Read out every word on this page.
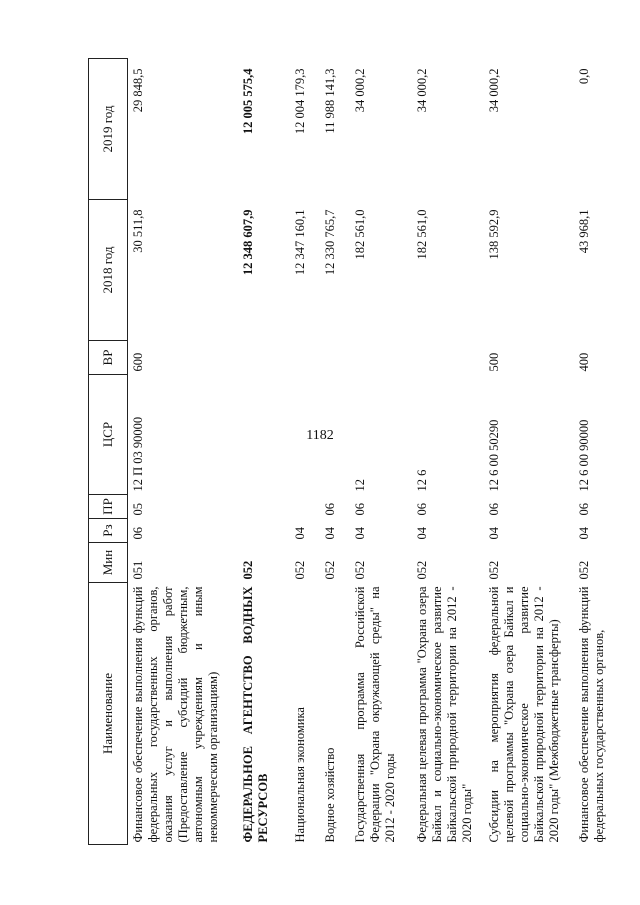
1182
Наименование	Мин	Рз	ПР	ЦСР	ВР	2018 год	2019 год
Финансовое обеспечение выполнения функций федеральных государственных органов, оказания услуг и выполнения работ (Предоставление субсидий бюджетным, автономным учреждениям и иным некоммерческим организациям)	051	06	05	12 П 03 90000	600	30 511,8	29 848,5
ФЕДЕРАЛЬНОЕ АГЕНТСТВО ВОДНЫХ РЕСУРСОВ	052					12 348 607,9	12 005 575,4
Национальная экономика	052	04				12 347 160,1	12 004 179,3
Водное хозяйство	052	04	06			12 330 765,7	11 988 141,3
Государственная программа Российской Федерации "Охрана окружающей среды" на 2012 - 2020 годы	052	04	06	12		182 561,0	34 000,2
Федеральная целевая программа "Охрана озера Байкал и социально-экономическое развитие Байкальской природной территории на 2012 - 2020 годы"	052	04	06	12 6		182 561,0	34 000,2
Субсидии на мероприятия федеральной целевой программы "Охрана озера Байкал и социально-экономическое развитие Байкальской природной территории на 2012 - 2020 годы" (Межбюджетные трансферты)	052	04	06	12 6 00 50290	500	138 592,9	34 000,2
Финансовое обеспечение выполнения функций федеральных государственных органов,	052	04	06	12 6 00 90000	400	43 968,1	0,0
